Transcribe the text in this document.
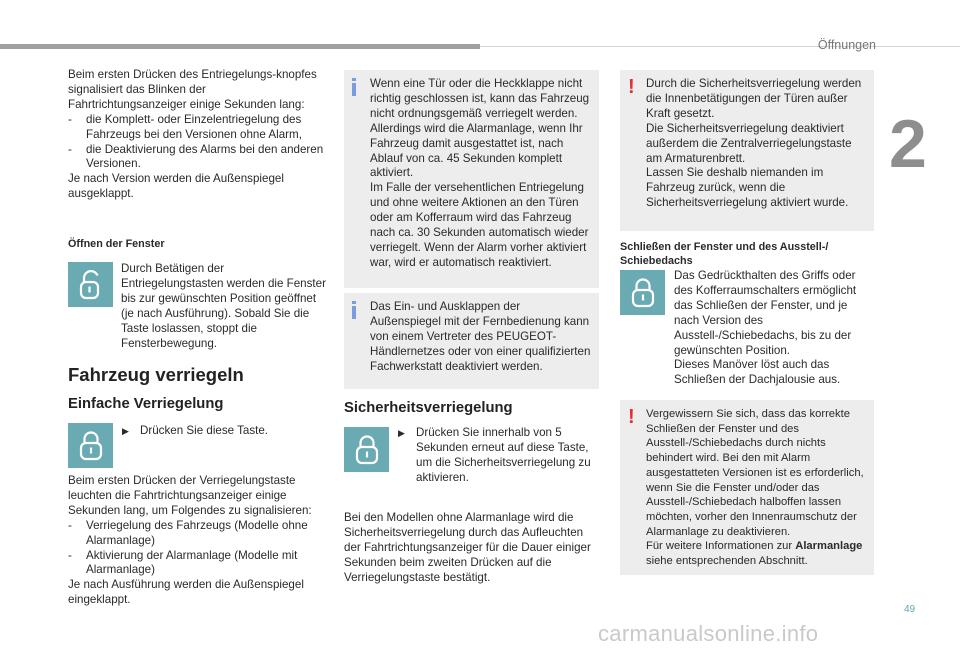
Öffnungen
2
49

Beim ersten Drücken des Entriegelungs-knopfes signalisiert das Blinken der Fahrtrichtungsanzeiger einige Sekunden lang:

-	die Komplett- oder Einzelentriegelung des Fahrzeugs bei den Versionen ohne Alarm,
-	die Deaktivierung des Alarms bei den anderen Versionen.

Je nach Version werden die Außenspiegel ausgeklappt.

Öffnen der Fenster
Durch Betätigen der Entriegelungstasten werden die Fenster bis zur gewünschten Position geöffnet (je nach Ausführung). Sobald Sie die Taste loslassen, stoppt die Fensterbewegung.
Fahrzeug verriegeln
Einfache Verriegelung
▶ Drücken Sie diese Taste.

Beim ersten Drücken der Verriegelungstaste leuchten die Fahrtrichtungsanzeiger einige Sekunden lang, um Folgendes zu signalisieren:

-	Verriegelung des Fahrzeugs (Modelle ohne Alarmanlage)
-	Aktivierung der Alarmanlage (Modelle mit Alarmanlage)

Je nach Ausführung werden die Außenspiegel eingeklappt.

Wenn eine Tür oder die Heckklappe nicht richtig geschlossen ist, kann das Fahrzeug nicht ordnungsgemäß verriegelt werden. Allerdings wird die Alarmanlage, wenn Ihr Fahrzeug damit ausgestattet ist, nach Ablauf von ca. 45 Sekunden komplett aktiviert.

Im Falle der versehentlichen Entriegelung und ohne weitere Aktionen an den Türen oder am Kofferraum wird das Fahrzeug nach ca. 30 Sekunden automatisch wieder verriegelt. Wenn der Alarm vorher aktiviert war, wird er automatisch reaktiviert.

Das Ein- und Ausklappen der Außenspiegel mit der Fernbedienung kann von einem Vertreter des PEUGEOT-Händlernetzes oder von einer qualifizierten Fachwerkstatt deaktiviert werden.

Sicherheitsverriegelung
▶ Drücken Sie innerhalb von 5 Sekunden erneut auf diese Taste, um die Sicherheitsverriegelung zu aktivieren.
Bei den Modellen ohne Alarmanlage wird die Sicherheitsverriegelung durch das Aufleuchten der Fahrtrichtungsanzeiger für die Dauer einiger Sekunden beim zweiten Drücken auf die Verriegelungstaste bestätigt.
! Durch die Sicherheitsverriegelung werden die Innenbetätigungen der Türen außer Kraft gesetzt.

Die Sicherheitsverriegelung deaktiviert außerdem die Zentralverriegelungstaste am Armaturenbrett.

Lassen Sie deshalb niemanden im Fahrzeug zurück, wenn die Sicherheitsverriegelung aktiviert wurde.

Schließen der Fenster und des Ausstell-/
Schiebedachs

Das Gedrückthalten des Griffs oder des Kofferraumschalters ermöglicht das Schließen der Fenster, und je nach Version des Ausstell-/Schiebedachs, bis zu der gewünschten Position.

Dieses Manöver löst auch das Schließen der Dachjalousie aus.

! Vergewissern Sie sich, dass das korrekte Schließen der Fenster und des Ausstell-/Schiebedachs durch nichts behindert wird. Bei den mit Alarm ausgestatteten Versionen ist es erforderlich, wenn Sie die Fenster und/oder das Ausstell-/Schiebedach halboffen lassen möchten, vorher den Innenraumschutz der Alarmanlage zu deaktivieren.

Für weitere Informationen zur Alarmanlage

siehe entsprechenden Abschnitt.

carmanualsonline.info
